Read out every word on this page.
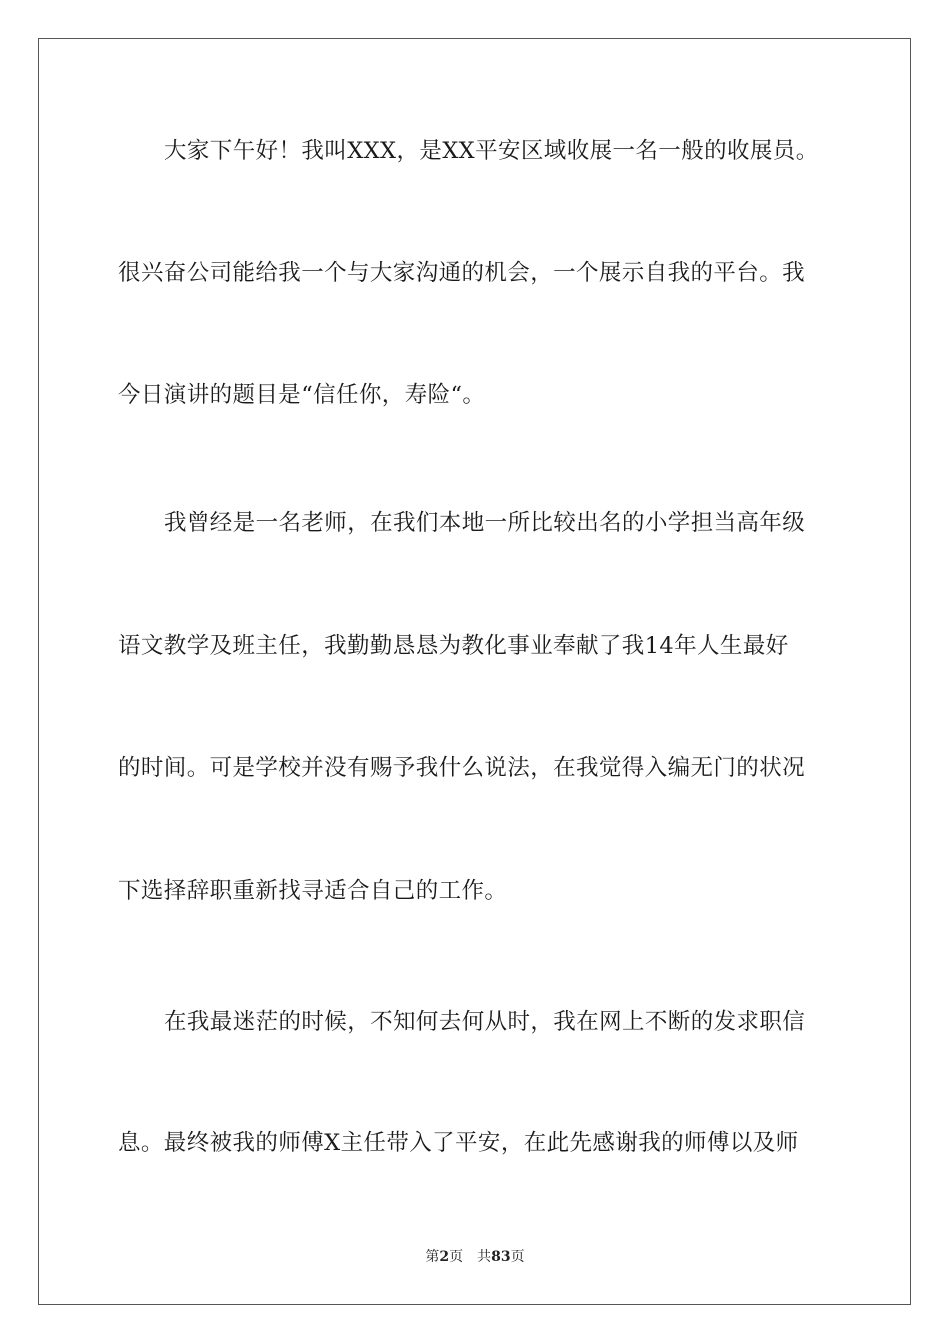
大家下午好！我叫XXX，是XX平安区域收展一名一般的收展员。
很兴奋公司能给我一个与大家沟通的机会，一个展示自我的平台。我
今日演讲的题目是“信任你，寿险“。
我曾经是一名老师，在我们本地一所比较出名的小学担当高年级
语文教学及班主任，我勤勤恳恳为教化事业奉献了我14年人生最好
的时间。可是学校并没有赐予我什么说法，在我觉得入编无门的状况
下选择辞职重新找寻适合自己的工作。
在我最迷茫的时候，不知何去何从时，我在网上不断的发求职信
息。最终被我的师傅X主任带入了平安，在此先感谢我的师傅以及师
第2页 共83页
